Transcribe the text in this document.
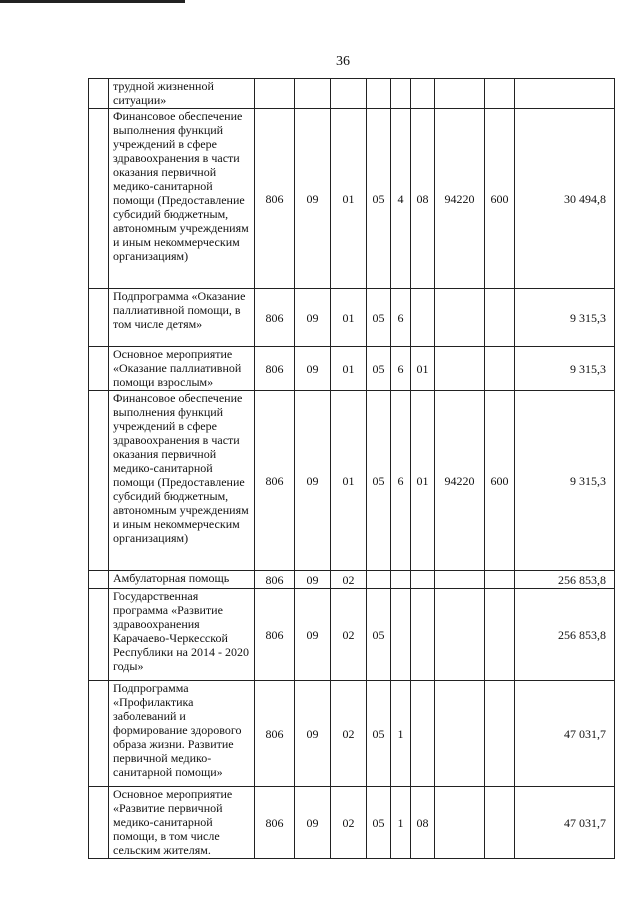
36
	трудной жизненной ситуации»									
	Финансовое обеспечение выполнения функций учреждений в сфере здравоохранения в части оказания первичной медико-санитарной помощи (Предоставление субсидий бюджетным, автономным учреждениям и иным некоммерческим организациям)	806	09	01	05	4	08	94220	600	30 494,8
	Подпрограмма «Оказание паллиативной помощи, в том числе детям»	806	09	01	05	6				9 315,3
	Основное мероприятие «Оказание паллиативной помощи взрослым»	806	09	01	05	6	01			9 315,3
	Финансовое обеспечение выполнения функций учреждений в сфере здравоохранения в части оказания первичной медико-санитарной помощи (Предоставление субсидий бюджетным, автономным учреждениям и иным некоммерческим организациям)	806	09	01	05	6	01	94220	600	9 315,3
	Амбулаторная помощь	806	09	02						256 853,8
	Государственная программа «Развитие здравоохранения Карачаево-Черкесской Республики на 2014 - 2020 годы»	806	09	02	05					256 853,8
	Подпрограмма «Профилактика заболеваний и формирование здорового образа жизни. Развитие первичной медико-санитарной помощи»	806	09	02	05	1				47 031,7
	Основное мероприятие «Развитие первичной медико-санитарной помощи, в том числе сельским жителям.	806	09	02	05	1	08			47 031,7
